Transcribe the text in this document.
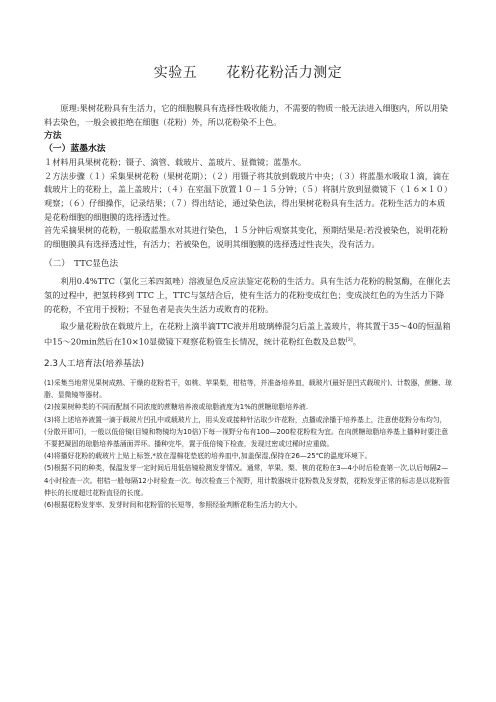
实验五　　花粉花粉活力测定

原理:果树花粉具有生活力，它的细胞膜具有选择性吸收能力，不需要的物质一般无法进入细胞内，所以用染料去染色，一般会被拒绝在细胞（花粉）外，所以花粉染不上色。

方法
（一）蓝墨水法

１材料用具果树花粉；镊子、滴管、载玻片、盖玻片、显微镜；蓝墨水。

２方法步骤（１）采集果树花粉（果树花期）；（２）用镊子将其放到载玻片中央；（３）将蓝墨水吸取１滴，滴在载玻片上的花粉上，盖上盖玻片；（４）在室温下放置１０－１５分钟；（５）将制片放到显微镜下（１６×１０）观察；（６）仔细操作，记录结果；（７）得出结论，通过染色法，得出果树花粉具有生活力。花粉生活力的本质是花粉细胞的细胞膜的选择透过性。

首先采摘果树的花粉，一般取蓝墨水对其进行染色，１５分钟后观察其变化，预期结果是:若没被染色，说明花粉的细胞膜具有选择透过性，有活力；若被染色，说明其细胞膜的选择透过性丧失，没有活力。

（二）　TTC显色法

利用0.4%TTC（氯化三苯四氮唑）溶液显色反应法鉴定花粉的生活力。具有生活力花粉的脱氢酶，在催化去氢的过程中，把氢转移到 TTC 上，TTC与氢结合后，使有生活力的花粉变成红色；变成淡红色的为生活力下降的花粉，不宜用于授粉；不显色者是丧失生活力或败育的花粉。

取少量花粉放在载玻片上，在花粉上滴半滴TTC液并用玻璃棒混匀后盖上盖玻片，将其置于35～40的恒温箱中15～20min然后在10×10显微镜下观察花粉管生长情况，统计花粉红色数及总数[3]。

2.3人工培育法(培养基法)

(1)采集当地常见果树成熟、干燥的花粉若干，如桃、苹果梨，柑桔等，并准备培养皿，载玻片(最好是凹式载玻片)、计数器，蔗糖、琼脂、显微镜等器材。

(2)按果树种类的不同而配制不同浓度的蔗糖培养液或琼脂液度为1%的蔗糖琼脂培养液.

(3)将上述培养液置一滴于载玻片凹孔中或载玻片上，用头发或接种针沾取少许花粉，点播或涂播于培养基上，注意使花粉分布均匀，(分散开即可)，一般以低倍镜(目镜和物镜均为10倍)下每一视野分布有100—200粒花粉粒为宜。在向蔗糖琼脂培养基上播种时要注意不要把凝固的琼脂培养基涌面弄坏。播种完毕，置于低倍镜下检查，发现过密或过稀时应重做。

(4)将播好花粉的载玻片上贴上标签,*放在湿棉花垫底的培养皿中,加盖保湿,保持在26—25℃的温度环境下。

(5)根据不同的种类，保温发芽一定时间后用低倍镜检测发芽情况。通常，苹果、梨、桃的花粉在3—4小时后检查第一次,以后每隔2—4小时检查一次。柑桔一般每隔12小时检查一次。每次检查三个视野，用计数器统计花粉数及发芽数，花粉发芽正常的标志是以花粉管伸长的长度超过花粉直径的长度。

(6)根据花粉发芽率、发芽时间和花粉管的长短等，参照经验判断花粉生活力的大小。
